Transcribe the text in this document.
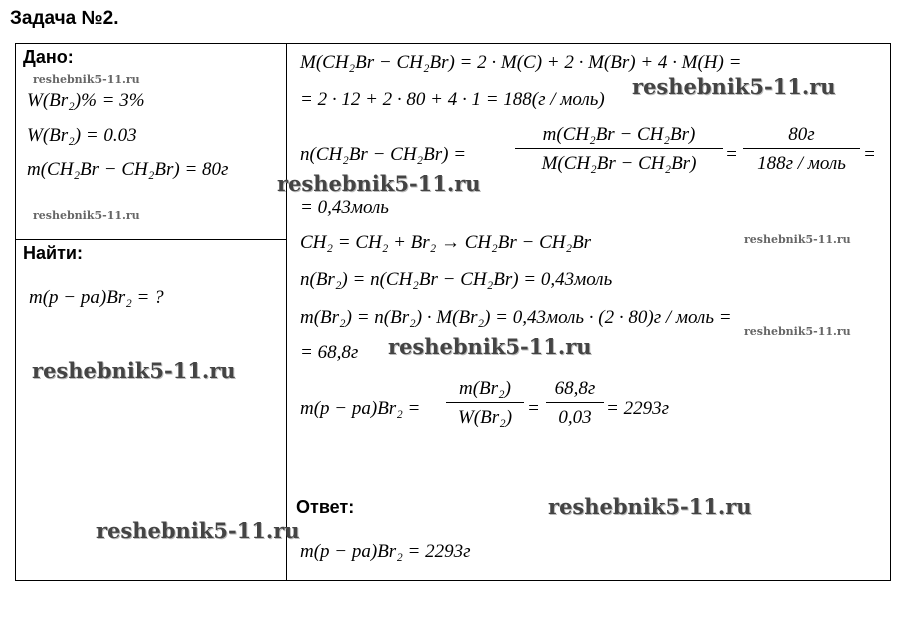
Задача №2.
Дано:
W(Br₂)% = 3%
W(Br₂) = 0.03
m(CH₂Br − CH₂Br) = 80г
Найти:
m(p − pa)Br₂ = ?
M(CH₂Br − CH₂Br) = 2 · M(C) + 2 · M(Br) + 4 · M(H) =
= 2 · 12 + 2 · 80 + 4 · 1 = 188(г / моль)
n(CH₂Br − CH₂Br) =	$\frac{\text{m(CH₂Br − CH₂Br)}}{\text{M(CH₂Br − CH₂Br)}}$ =
80г
188г / моль =
= 0,43моль
CH₂ = CH₂ + Br₂ → CH₂Br − CH₂Br
n(Br₂) = n(CH₂Br − CH₂Br) = 0,43моль
m(Br₂) = n(Br₂) · M(Br₂) = 0,43моль · (2 · 80)г / моль =
= 68,8г
$m(p - pa)Br_2 = \frac{\text{m(Br₂)}}{\text{W(Br₂)}}$ =
68,8г
0,03 = 2293г
Ответ:
m(p − pa)Br₂ = 2293г
reshebnik5-11.ru
reshebnik5-11.ru
reshebnik5-11.ru
reshebnik5-11.ru
reshebnik5-11.ru
reshebnik5-11.ru
reshebnik5-11.ru
reshebnik5-11.ru
reshebnik5-11.ru
reshebnik5-11.ru
